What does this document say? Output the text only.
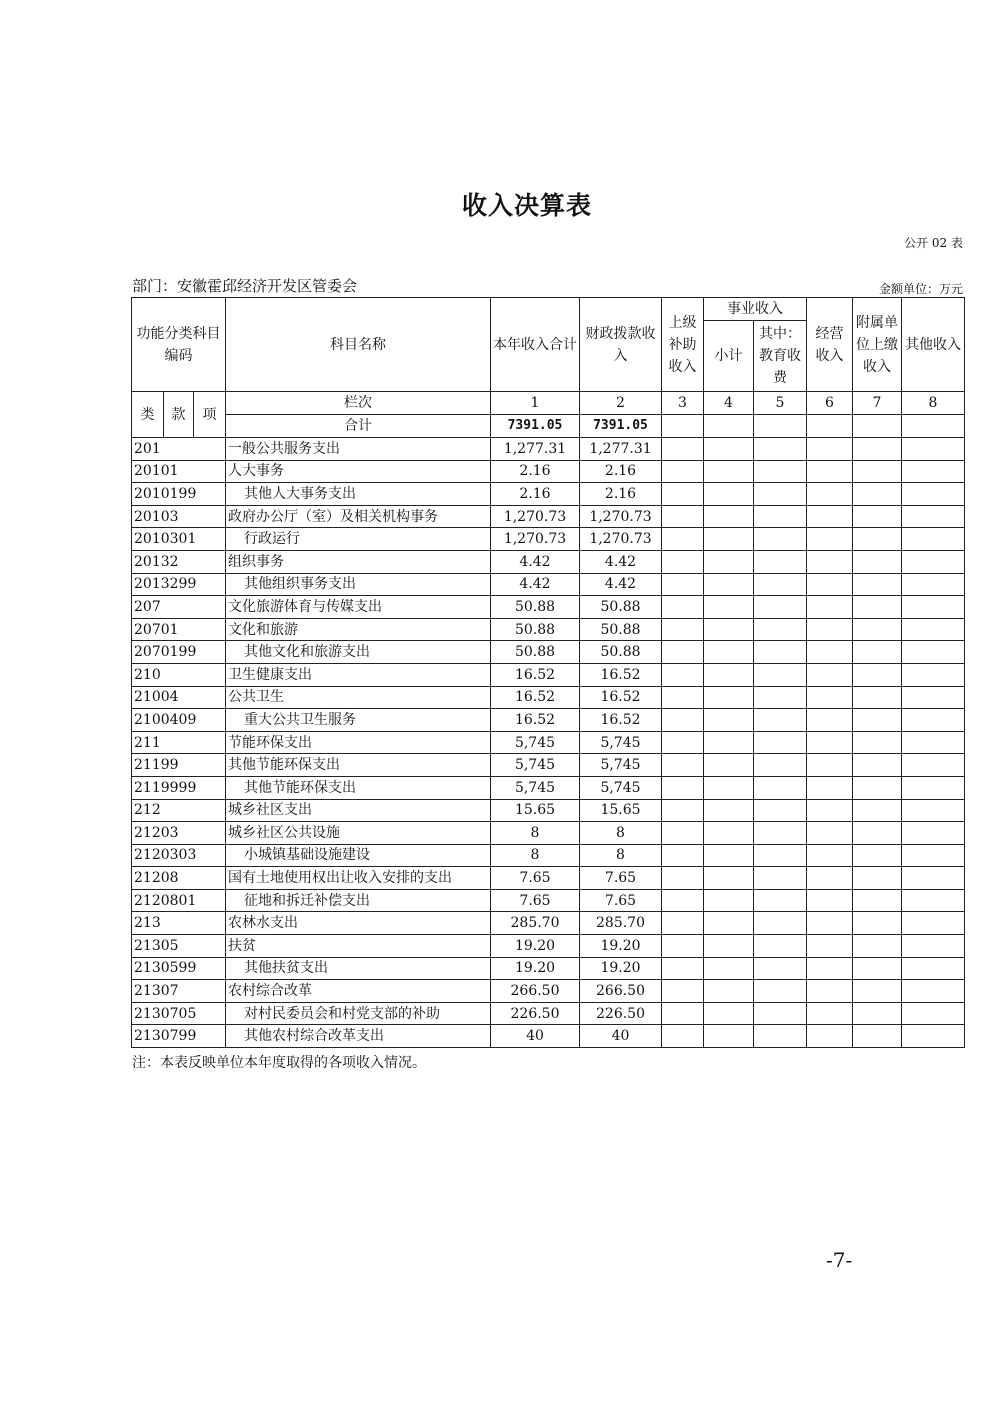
收入决算表
公开 02 表
部门：安徽霍邱经济开发区管委会	金额单位：万元
功能分类科目编码			科目名称	本年收入合计	财政拨款收入	上级补助收入	事业收入		经营收入	附属单位上缴收入	其他收入
							小计	其中：教育收费			
类	款	项	栏次	1	2	3	4	5	6	7	8
			合计	7391.05	7391.05						
201			一般公共服务支出	1,277.31	1,277.31						
20101			人大事务	2.16	2.16						
2010199			其他人大事务支出	2.16	2.16						
20103			政府办公厅（室）及相关机构事务	1,270.73	1,270.73						
2010301			行政运行	1,270.73	1,270.73						
20132			组织事务	4.42	4.42						
2013299			其他组织事务支出	4.42	4.42						
207			文化旅游体育与传媒支出	50.88	50.88						
20701			文化和旅游	50.88	50.88						
2070199			其他文化和旅游支出	50.88	50.88						
210			卫生健康支出	16.52	16.52						
21004			公共卫生	16.52	16.52						
2100409			重大公共卫生服务	16.52	16.52						
211			节能环保支出	5,745	5,745						
21199			其他节能环保支出	5,745	5,745						
2119999			其他节能环保支出	5,745	5,745						
212			城乡社区支出	15.65	15.65						
21203			城乡社区公共设施	8	8						
2120303			小城镇基础设施建设	8	8						
21208			国有土地使用权出让收入安排的支出	7.65	7.65						
2120801			征地和拆迁补偿支出	7.65	7.65						
213			农林水支出	285.70	285.70						
21305			扶贫	19.20	19.20						
2130599			其他扶贫支出	19.20	19.20						
21307			农村综合改革	266.50	266.50						
2130705			对村民委员会和村党支部的补助	226.50	226.50						
2130799			其他农村综合改革支出	40	40						
注：本表反映单位本年度取得的各项收入情况。
-7-
